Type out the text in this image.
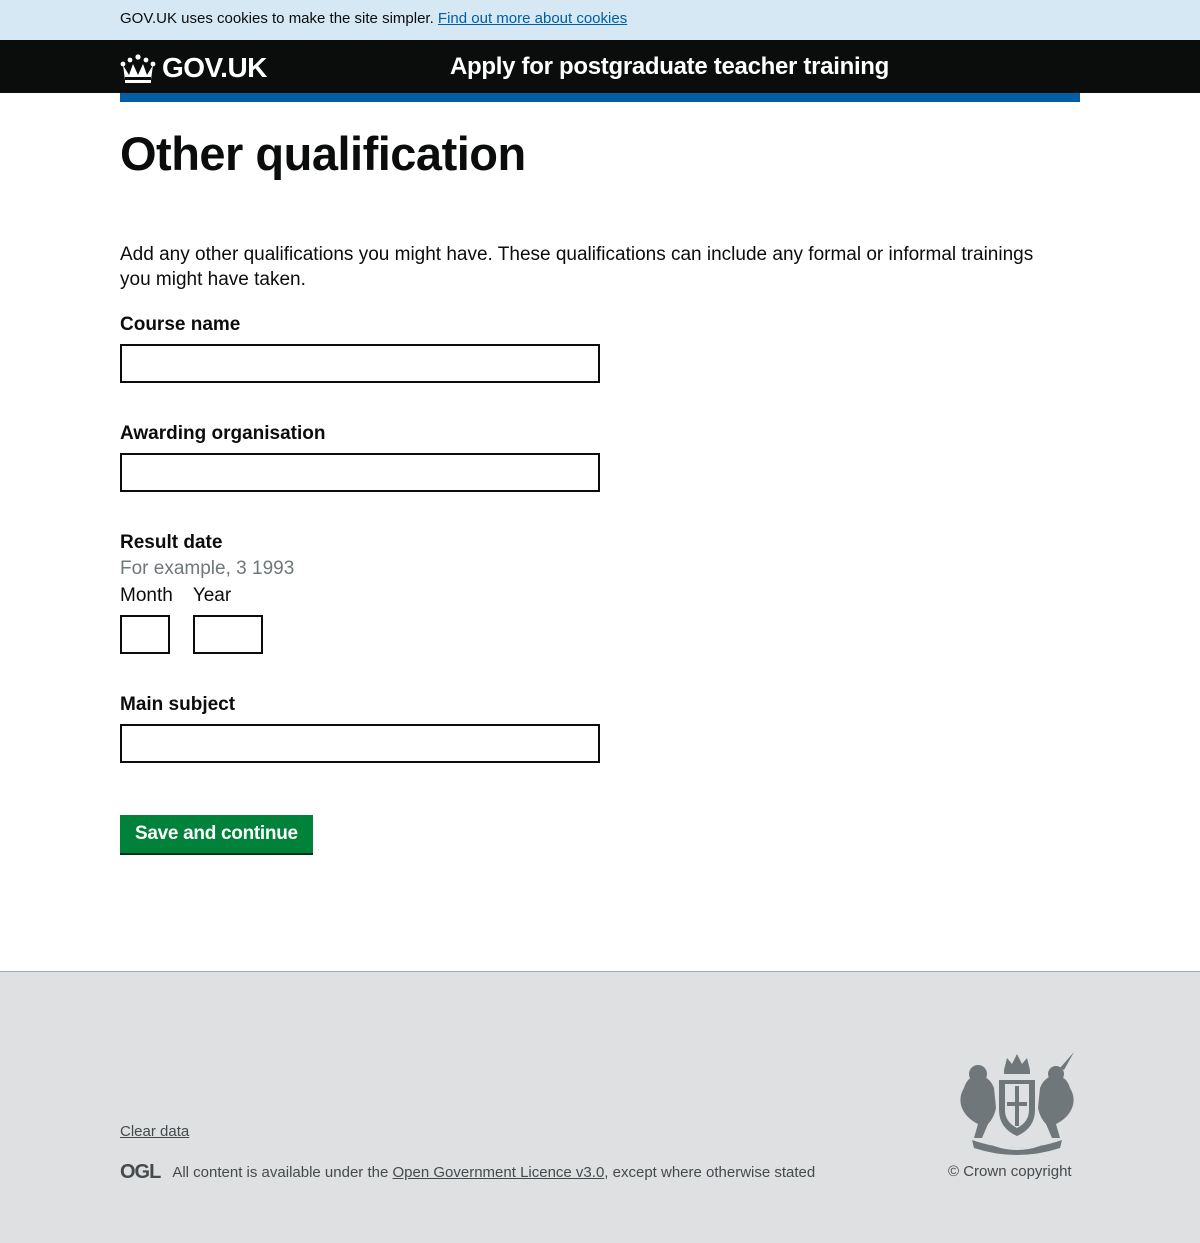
GOV.UK uses cookies to make the site simpler. Find out more about cookies
GOV.UK	Apply for postgraduate teacher training
Other qualification

Add any other qualifications you might have. These qualifications can include any formal or informal trainings you might have taken.

Course name
Awarding organisation
Result date
For example, 3 1993
Month Year
Main subject
Save and continue
Clear data
OGL All content is available under the
Open Government Licence v3.0 , except where otherwise stated	© Crown copyright
